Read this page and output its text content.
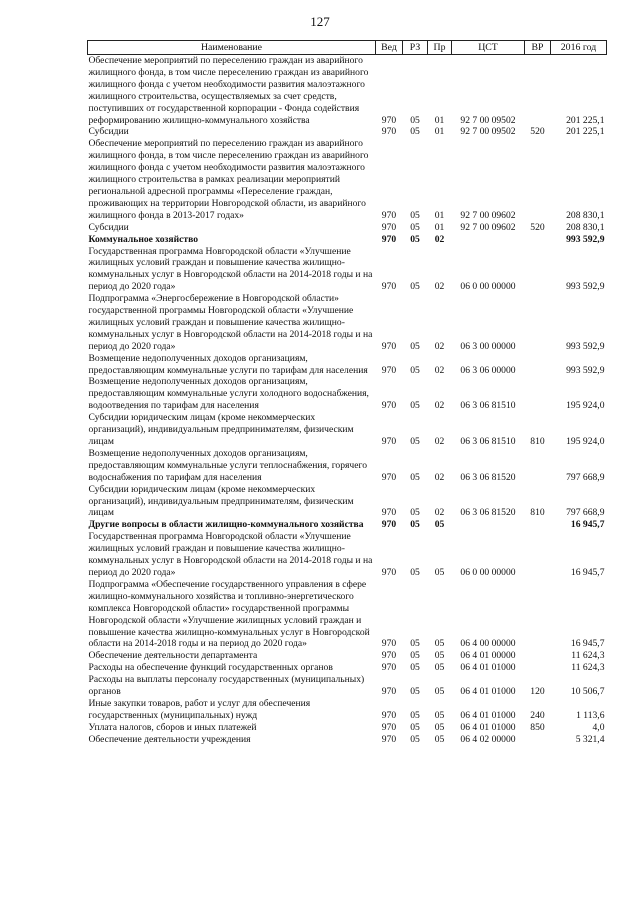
127
Наименование	Вед	РЗ	Пр	ЦСТ	ВР	2016 год
Обеспечение мероприятий по переселению граждан из аварийного жилищного фонда, в том числе переселению граждан из аварийного жилищного фонда с учетом необходимости развития малоэтажного жилищного строительства, осуществляемых за счет средств, поступивших от государственной корпорации - Фонда содействия реформированию жилищно-коммунального хозяйства	970	05	01	92 7 00 09502		201 225,1
Субсидии	970	05	01	92 7 00 09502	520	201 225,1
Обеспечение мероприятий по переселению граждан из аварийного жилищного фонда, в том числе переселению граждан из аварийного жилищного фонда с учетом необходимости развития малоэтажного жилищного строительства в рамках реализации мероприятий региональной адресной программы «Переселение граждан, проживающих на территории Новгородской области, из аварийного жилищного фонда в 2013-2017 годах»	970	05	01	92 7 00 09602		208 830,1
Субсидии	970	05	01	92 7 00 09602	520	208 830,1
Коммунальное хозяйство	970	05	02			993 592,9
Государственная программа Новгородской области «Улучшение жилищных условий граждан и повышение качества жилищно-коммунальных услуг в Новгородской области на 2014-2018 годы и на период до 2020 года»	970	05	02	06 0 00 00000		993 592,9
Подпрограмма «Энергосбережение в Новгородской области» государственной программы Новгородской области «Улучшение жилищных условий граждан и повышение качества жилищно-коммунальных услуг в Новгородской области на 2014-2018 годы и на период до 2020 года»	970	05	02	06 3 00 00000		993 592,9
Возмещение недополученных доходов организациям, предоставляющим коммунальные услуги по тарифам для населения	970	05	02	06 3 06 00000		993 592,9
Возмещение недополученных доходов организациям, предоставляющим коммунальные услуги холодного водоснабжения, водоотведения по тарифам для населения	970	05	02	06 3 06 81510		195 924,0
Субсидии юридическим лицам (кроме некоммерческих организаций), индивидуальным предпринимателям, физическим лицам	970	05	02	06 3 06 81510	810	195 924,0
Возмещение недополученных доходов организациям, предоставляющим коммунальные услуги теплоснабжения, горячего водоснабжения по тарифам для населения	970	05	02	06 3 06 81520		797 668,9
Субсидии юридическим лицам (кроме некоммерческих организаций), индивидуальным предпринимателям, физическим лицам	970	05	02	06 3 06 81520	810	797 668,9
Другие вопросы в области жилищно-коммунального хозяйства	970	05	05			16 945,7
Государственная программа Новгородской области «Улучшение жилищных условий граждан и повышение качества жилищно-коммунальных услуг в Новгородской области на 2014-2018 годы и на период до 2020 года»	970	05	05	06 0 00 00000		16 945,7
Подпрограмма «Обеспечение государственного управления в сфере жилищно-коммунального хозяйства и топливно-энергетического комплекса Новгородской области» государственной программы Новгородской области «Улучшение жилищных условий граждан и повышение качества жилищно-коммунальных услуг в Новгородской области на 2014-2018 годы и на период до 2020 года»	970	05	05	06 4 00 00000		16 945,7
Обеспечение деятельности департамента	970	05	05	06 4 01 00000		11 624,3
Расходы на обеспечение функций государственных органов	970	05	05	06 4 01 01000		11 624,3
Расходы на выплаты персоналу государственных (муниципальных) органов	970	05	05	06 4 01 01000	120	10 506,7
Иные закупки товаров, работ и услуг для обеспечения государственных (муниципальных) нужд	970	05	05	06 4 01 01000	240	1 113,6
Уплата налогов, сборов и иных платежей	970	05	05	06 4 01 01000	850	4,0
Обеспечение деятельности учреждения	970	05	05	06 4 02 00000		5 321,4
